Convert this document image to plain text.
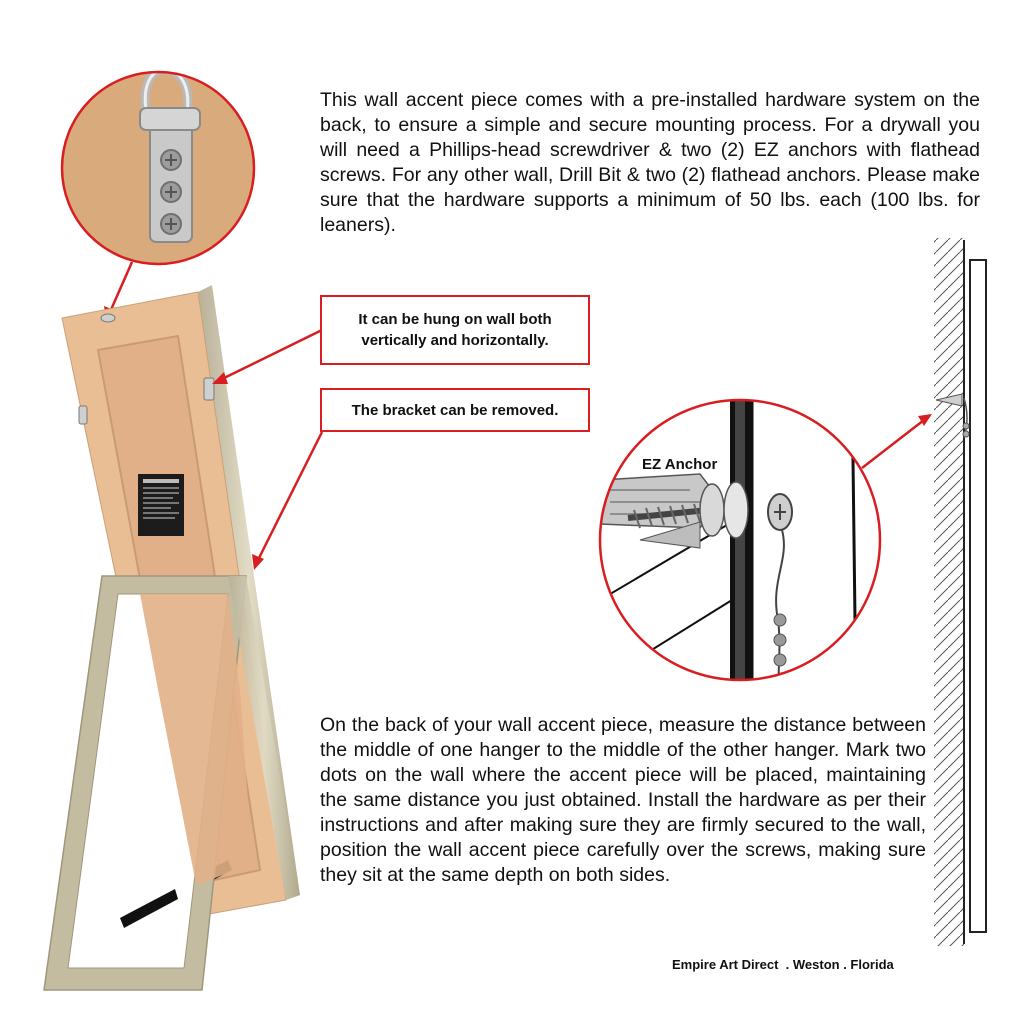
EZ Anchor

This wall accent piece comes with a pre-installed hardware system on the back, to ensure a simple and secure mounting process. For a drywall you will need a Phillips-head screwdriver & two (2) EZ anchors with flathead screws. For any other wall, Drill Bit & two (2) flathead anchors. Please make sure that the hardware supports a minimum of 50 lbs. each (100 lbs. for leaners).

It can be hung on wall both vertically and horizontally.
The bracket can be removed.

On the back of your wall accent piece, measure the distance between the middle of one hanger to the middle of the other hanger. Mark two dots on the wall where the accent piece will be placed, maintaining the same distance you just obtained. Install the hardware as per their instructions and after making sure they are firmly secured to the wall, position the wall accent piece carefully over the screws, making sure they sit at the same depth on both sides.

Empire Art Direct  . Weston . Florida
